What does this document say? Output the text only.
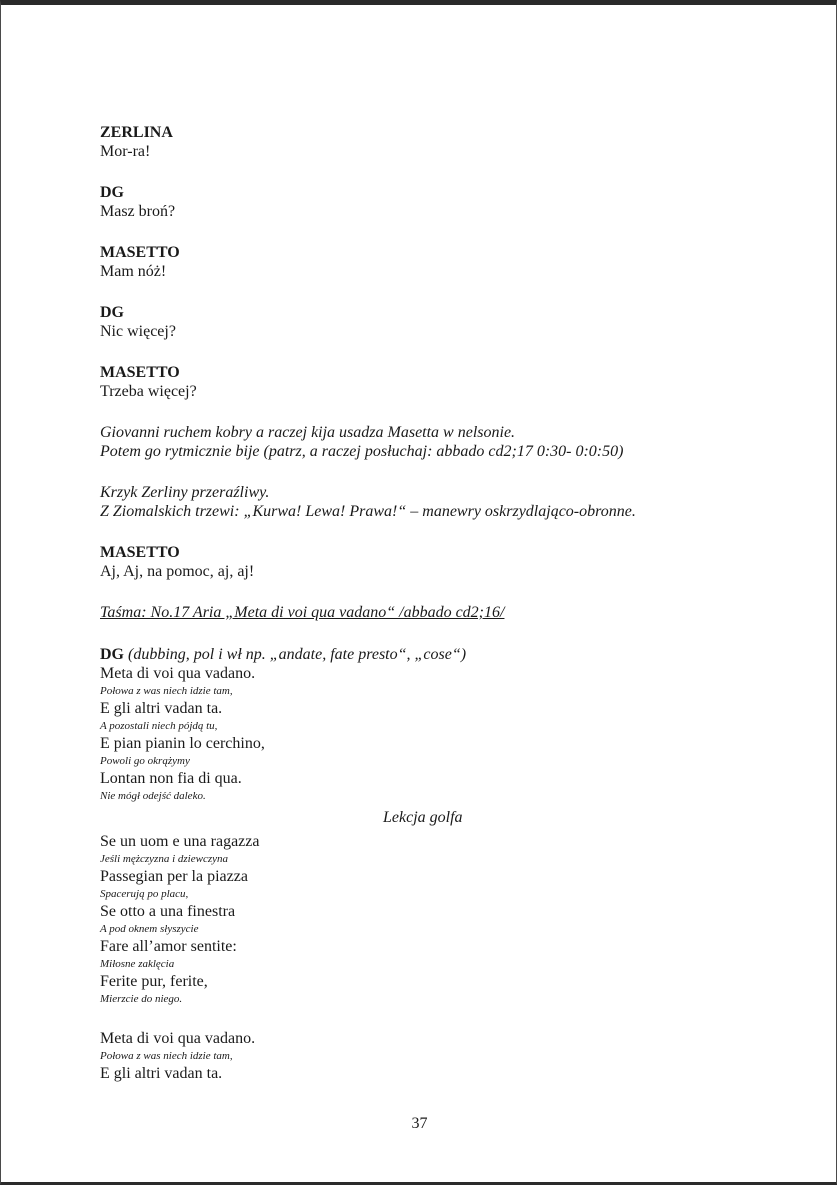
ZERLINA
Mor-ra!
DG
Masz broń?
MASETTO
Mam nóż!
DG
Nic więcej?
MASETTO
Trzeba więcej?
Giovanni ruchem kobry a raczej kija usadza Masetta w nelsonie.
Potem go rytmicznie bije (patrz, a raczej posłuchaj: abbado cd2;17 0:30- 0:0:50)
Krzyk Zerliny przeraźliwy.
Z Ziomalskich trzewi: „Kurwa! Lewa! Prawa!“ – manewry oskrzydlająco-obronne.
MASETTO
Aj, Aj, na pomoc, aj, aj!
Taśma: No.17 Aria „Meta di voi qua vadano“ /abbado cd2;16/
DG (dubbing, pol i wł np. „andate, fate presto“, „cose“)
Meta di voi qua vadano.
Połowa z was niech idzie tam,
E gli altri vadan ta.
A pozostali niech pójdą tu,
E pian pianin lo cerchino,
Powoli go okrążymy
Lontan non fia di qua.
Nie mógł odejść daleko.
Lekcja golfa
Se un uom e una ragazza
Jeśli mężczyzna i dziewczyna
Passegian per la piazza
Spacerują po placu,
Se otto a una finestra
A pod oknem słyszycie
Fare all’amor sentite:
Miłosne zaklęcia
Ferite pur, ferite,
Mierzcie do niego.
Meta di voi qua vadano.
Połowa z was niech idzie tam,
E gli altri vadan ta.
37
